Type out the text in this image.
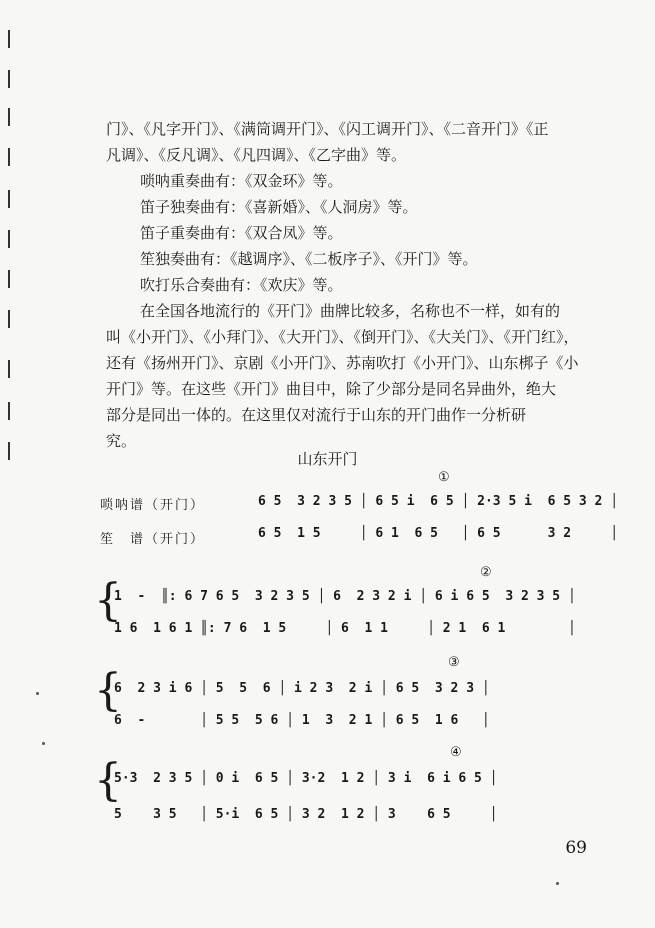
门》、《凡字开门》、《满筒调开门》、《闪工调开门》、《二音开门》《正
凡调》、《反凡调》、《凡四调》、《乙字曲》等。
唢呐重奏曲有：《双金环》等。
笛子独奏曲有：《喜新婚》、《人洞房》等。
笛子重奏曲有：《双合凤》等。
笙独奏曲有：《越调序》、《二板序子》、《开门》等。
吹打乐合奏曲有：《欢庆》等。
在全国各地流行的《开门》曲牌比较多，名称也不一样，如有的
叫《小开门》、《小拜门》、《大开门》、《倒开门》、《大关门》、《开门红》，
还有《扬州开门》、京剧《小开门》、苏南吹打《小开门》、山东梆子《小
开门》等。在这些《开门》曲目中，除了少部分是同名异曲外，绝大
部分是同出一体的。在这里仅对流行于山东的开门曲作一分析研
究。
山东开门
唢呐谱（开门）
笙　谱（开门）
①
6 5  3 2 3 5 │ 6 5 i  6 5 │ 2·3 5 i  6 5 3 2 │
6 5  1 5     │ 6 1  6 5   │ 6 5      3 2     │
{
②
1  -  ║: 6 7 6 5  3 2 3 5 │ 6  2 3 2 i │ 6 i 6 5  3 2 3 5 │
1 6  1 6 1 ║: 7 6  1 5     │ 6  1 1     │ 2 1  6 1        │
{
③
6  2 3 i 6 │ 5  5  6 │ i 2 3  2 i │ 6 5  3 2 3 │
6  -       │ 5 5  5 6 │ 1  3  2 1 │ 6 5  1 6   │
{
④
5·3  2 3 5 │ 0 i  6 5 │ 3·2  1 2 │ 3 i  6 i 6 5 │
5    3 5   │ 5·i  6 5 │ 3 2  1 2 │ 3    6 5     │
69
